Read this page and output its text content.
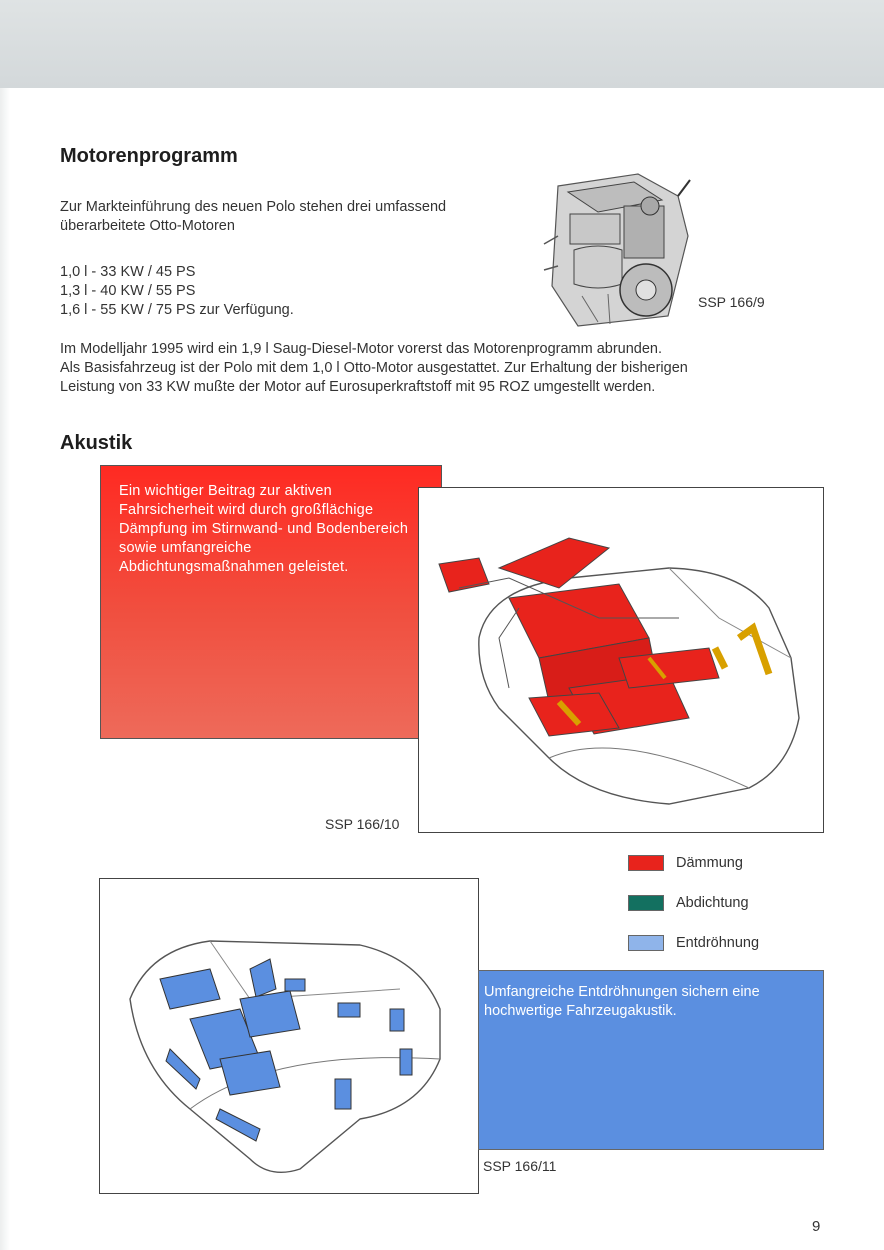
Motorenprogramm

Zur Markteinführung des neuen Polo stehen drei umfassend

überarbeitete Otto-Motoren

1,0 l - 33 KW / 45 PS

1,3 l - 40 KW / 55 PS

1,6 l - 55 KW / 75 PS zur Verfügung.	SSP 166/9

Im Modelljahr 1995 wird ein 1,9 l Saug-Diesel-Motor vorerst das Motorenprogramm abrunden.

Als Basisfahrzeug ist der Polo mit dem 1,0 l Otto-Motor ausgestattet. Zur Erhaltung der bisherigen

Leistung von 33 KW mußte der Motor auf Eurosuperkraftstoff mit 95 ROZ umgestellt werden.

Akustik
Ein wichtiger Beitrag zur aktiven Fahrsicherheit wird durch großflächige Dämpfung im Stirnwand- und Bodenbereich sowie umfangreiche Abdichtungsmaßnahmen geleistet.
SSP 166/10
Dämmung
Abdichtung
Entdröhnung
Umfangreiche Entdröhnungen sichern eine hochwertige Fahrzeugakustik.
SSP 166/11
9
